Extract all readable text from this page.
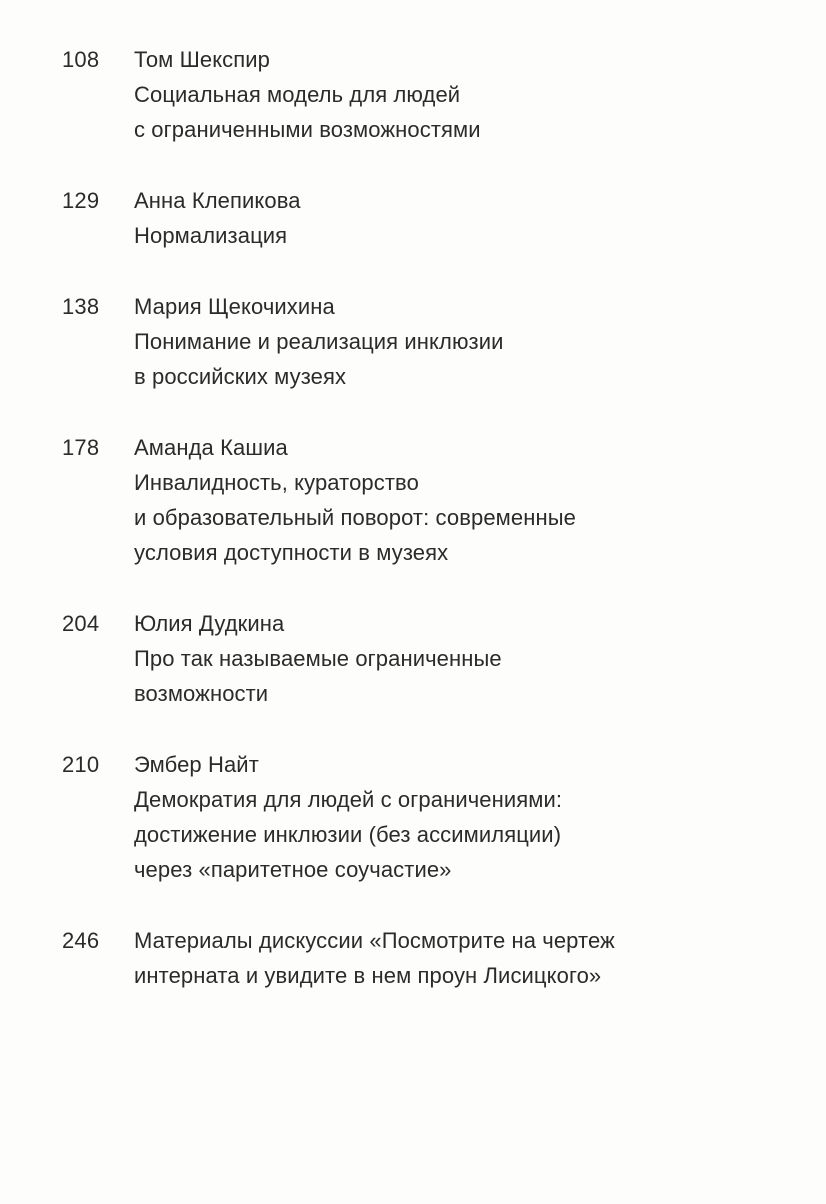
108	Том Шекспир
Социальная модель для людей
с ограниченными возможностями
129	Анна Клепикова
Нормализация
138	Мария Щекочихина
Понимание и реализация инклюзии
в российских музеях
178	Аманда Кашиа
Инвалидность, кураторство
и образовательный поворот: современные
условия доступности в музеях
204	Юлия Дудкина
Про так называемые ограниченные
возможности
210	Эмбер Найт
Демократия для людей с ограничениями:
достижение инклюзии (без ассимиляции)
через «паритетное соучастие»
246	Материалы дискуссии «Посмотрите на чертеж
интерната и увидите в нем проун Лисицкого»
